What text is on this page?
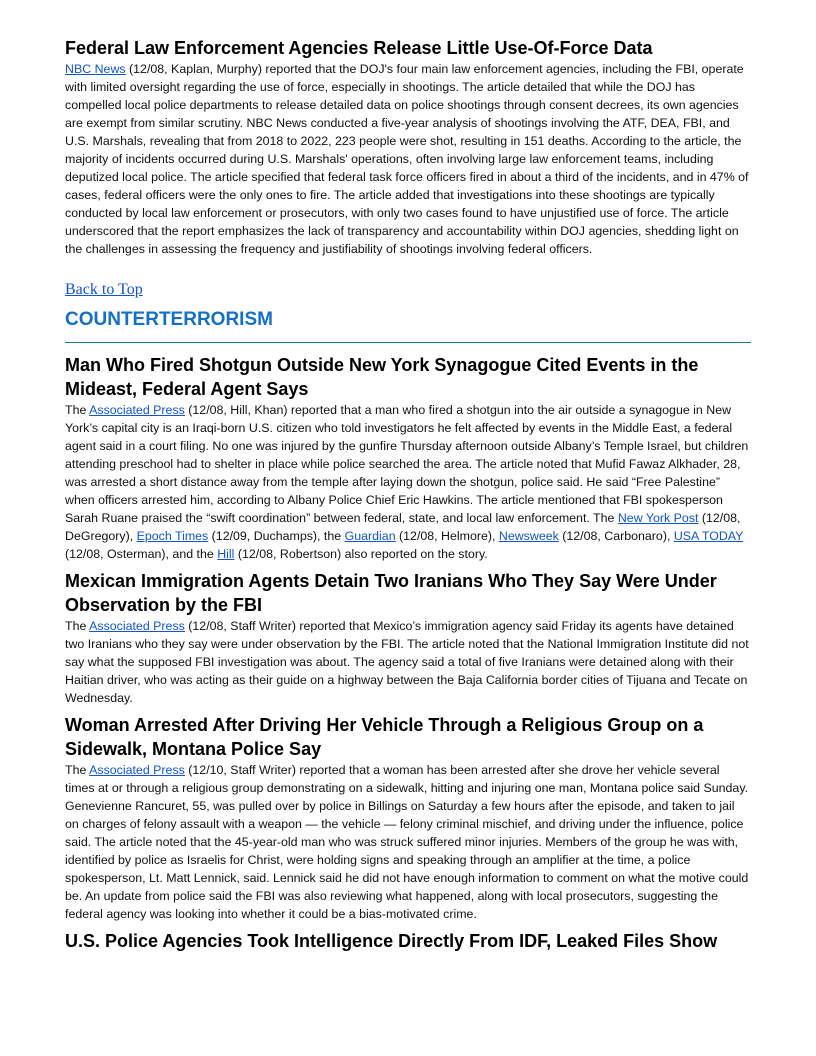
Federal Law Enforcement Agencies Release Little Use-Of-Force Data

NBC News (12/08, Kaplan, Murphy) reported that the DOJ's four main law enforcement agencies, including the FBI, operate with limited oversight regarding the use of force, especially in shootings. The article detailed that while the DOJ has compelled local police departments to release detailed data on police shootings through consent decrees, its own agencies are exempt from similar scrutiny. NBC News conducted a five-year analysis of shootings involving the ATF, DEA, FBI, and U.S. Marshals, revealing that from 2018 to 2022, 223 people were shot, resulting in 151 deaths. According to the article, the majority of incidents occurred during U.S. Marshals' operations, often involving large law enforcement teams, including deputized local police. The article specified that federal task force officers fired in about a third of the incidents, and in 47% of cases, federal officers were the only ones to fire. The article added that investigations into these shootings are typically conducted by local law enforcement or prosecutors, with only two cases found to have unjustified use of force. The article underscored that the report emphasizes the lack of transparency and accountability within DOJ agencies, shedding light on the challenges in assessing the frequency and justifiability of shootings involving federal officers.

Back to Top
COUNTERTERRORISM
Man Who Fired Shotgun Outside New York Synagogue Cited Events in the Mideast, Federal Agent Says

The Associated Press (12/08, Hill, Khan) reported that a man who fired a shotgun into the air outside a synagogue in New York’s capital city is an Iraqi-born U.S. citizen who told investigators he felt affected by events in the Middle East, a federal agent said in a court filing. No one was injured by the gunfire Thursday afternoon outside Albany’s Temple Israel, but children attending preschool had to shelter in place while police searched the area. The article noted that Mufid Fawaz Alkhader, 28, was arrested a short distance away from the temple after laying down the shotgun, police said. He said “Free Palestine” when officers arrested him, according to Albany Police Chief Eric Hawkins. The article mentioned that FBI spokesperson Sarah Ruane praised the “swift coordination” between federal, state, and local law enforcement. The New York Post (12/08, DeGregory), Epoch Times (12/09, Duchamps), the Guardian (12/08, Helmore), Newsweek (12/08, Carbonaro), USA TODAY (12/08, Osterman), and the Hill (12/08, Robertson) also reported on the story.

Mexican Immigration Agents Detain Two Iranians Who They Say Were Under Observation by the FBI

The Associated Press (12/08, Staff Writer) reported that Mexico’s immigration agency said Friday its agents have detained two Iranians who they say were under observation by the FBI. The article noted that the National Immigration Institute did not say what the supposed FBI investigation was about. The agency said a total of five Iranians were detained along with their Haitian driver, who was acting as their guide on a highway between the Baja California border cities of Tijuana and Tecate on Wednesday.

Woman Arrested After Driving Her Vehicle Through a Religious Group on a Sidewalk, Montana Police Say

The Associated Press (12/10, Staff Writer) reported that a woman has been arrested after she drove her vehicle several times at or through a religious group demonstrating on a sidewalk, hitting and injuring one man, Montana police said Sunday. Genevienne Rancuret, 55, was pulled over by police in Billings on Saturday a few hours after the episode, and taken to jail on charges of felony assault with a weapon — the vehicle — felony criminal mischief, and driving under the influence, police said. The article noted that the 45-year-old man who was struck suffered minor injuries. Members of the group he was with, identified by police as Israelis for Christ, were holding signs and speaking through an amplifier at the time, a police spokesperson, Lt. Matt Lennick, said. Lennick said he did not have enough information to comment on what the motive could be. An update from police said the FBI was also reviewing what happened, along with local prosecutors, suggesting the federal agency was looking into whether it could be a bias-motivated crime.

U.S. Police Agencies Took Intelligence Directly From IDF, Leaked Files Show
